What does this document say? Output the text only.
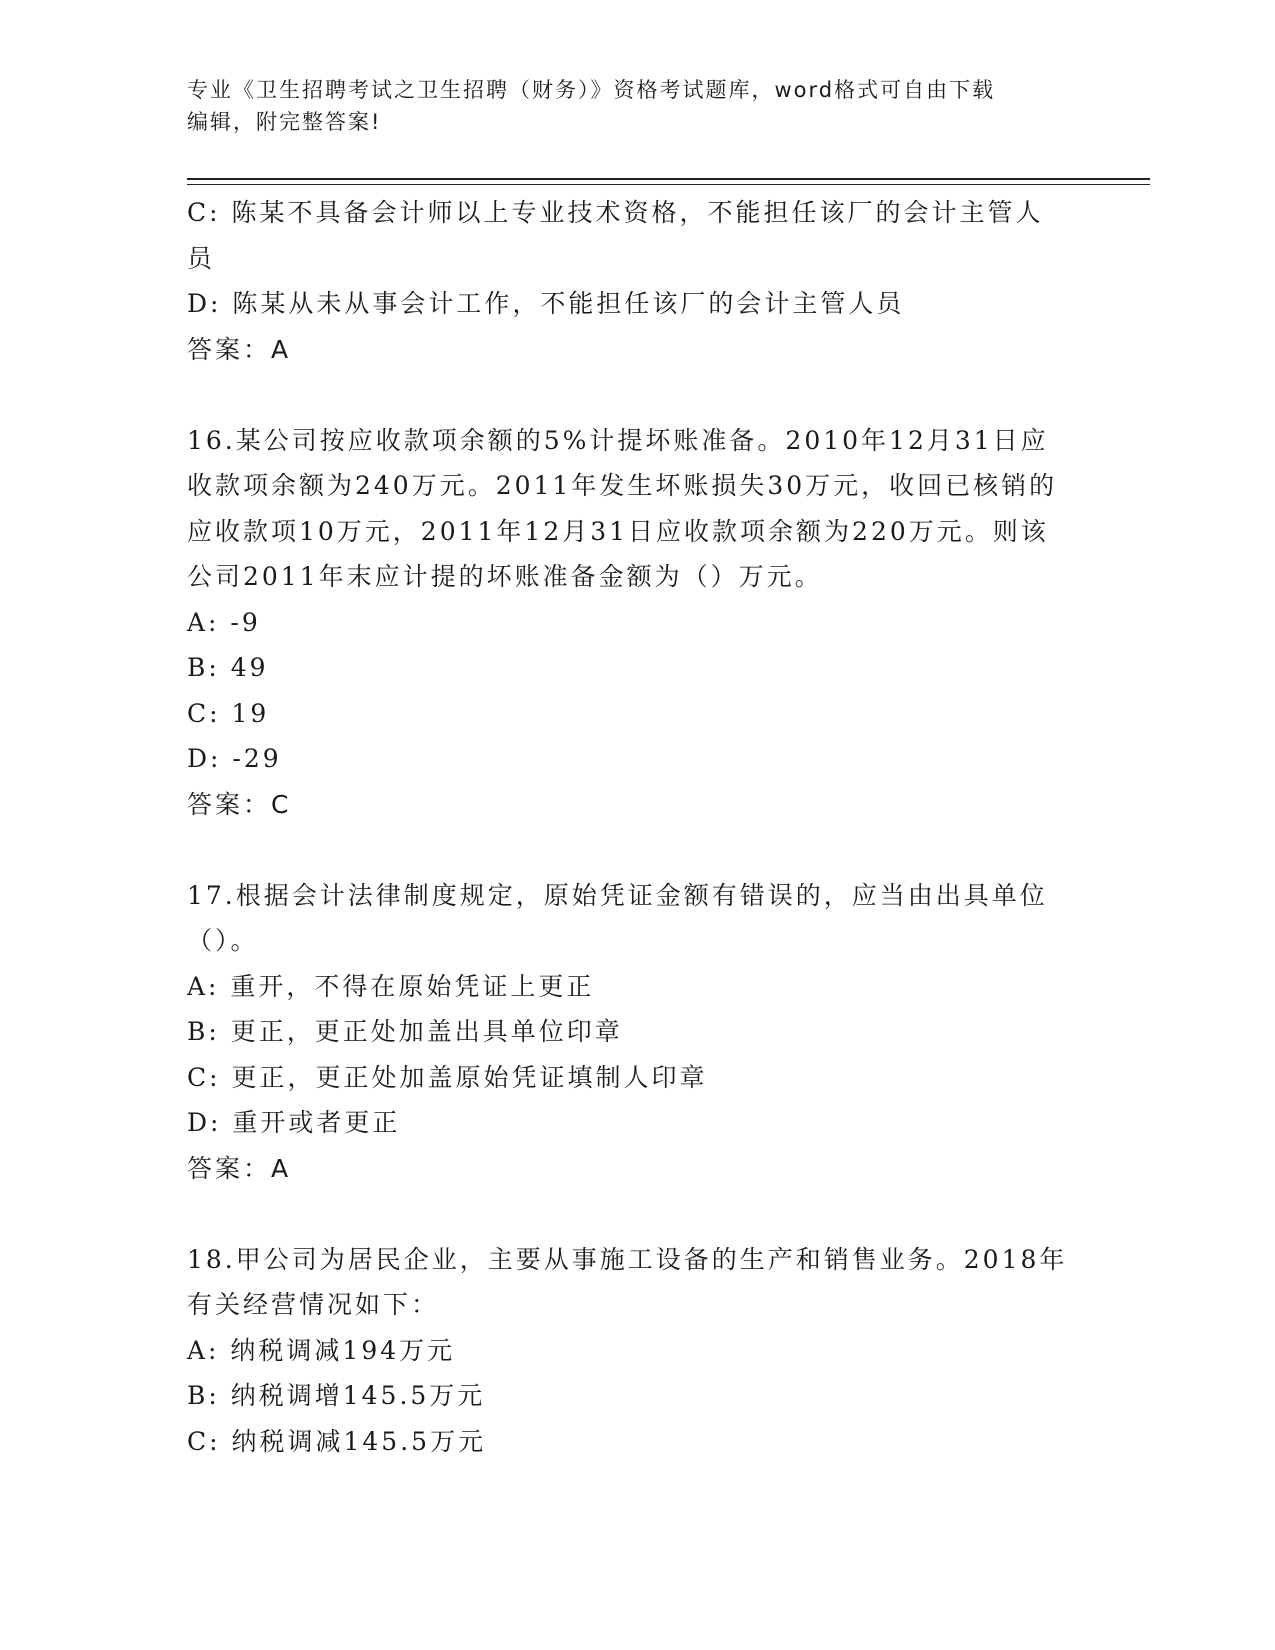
专业《卫生招聘考试之卫生招聘（财务）》资格考试题库，word格式可自由下载
编辑，附完整答案!
C: 陈某不具备会计师以上专业技术资格，不能担任该厂的会计主管人
员
D: 陈某从未从事会计工作，不能担任该厂的会计主管人员
答案：A
16.某公司按应收款项余额的5%计提坏账准备。2010年12月31日应
收款项余额为240万元。2011年发生坏账损失30万元，收回已核销的
应收款项10万元，2011年12月31日应收款项余额为220万元。则该
公司2011年末应计提的坏账准备金额为（）万元。
A: -9
B: 49
C: 19
D: -29
答案：C
17.根据会计法律制度规定，原始凭证金额有错误的，应当由出具单位
（）。
A: 重开，不得在原始凭证上更正
B: 更正，更正处加盖出具单位印章
C: 更正，更正处加盖原始凭证填制人印章
D: 重开或者更正
答案：A
18.甲公司为居民企业，主要从事施工设备的生产和销售业务。2018年
有关经营情况如下：
A: 纳税调减194万元
B: 纳税调增145.5万元
C: 纳税调减145.5万元
